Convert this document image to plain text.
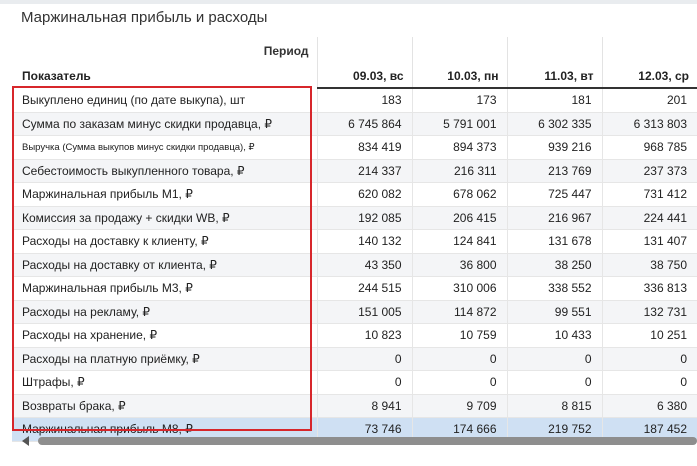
Маржинальная прибыль и расходы
Период				
Показатель	09.03, вс	10.03, пн	11.03, вт	12.03, ср
Выкуплено единиц (по дате выкупа), шт	183	173	181	201
Сумма по заказам минус скидки продавца, ₽	6 745 864	5 791 001	6 302 335	6 313 803
Выручка (Сумма выкупов минус скидки продавца), ₽	834 419	894 373	939 216	968 785
Себестоимость выкупленного товара, ₽	214 337	216 311	213 769	237 373
Маржинальная прибыль М1, ₽	620 082	678 062	725 447	731 412
Комиссия за продажу + скидки WB, ₽	192 085	206 415	216 967	224 441
Расходы на доставку к клиенту, ₽	140 132	124 841	131 678	131 407
Расходы на доставку от клиента, ₽	43 350	36 800	38 250	38 750
Маржинальная прибыль М3, ₽	244 515	310 006	338 552	336 813
Расходы на рекламу, ₽	151 005	114 872	99 551	132 731
Расходы на хранение, ₽	10 823	10 759	10 433	10 251
Расходы на платную приёмку, ₽	0	0	0	0
Штрафы, ₽	0	0	0	0
Возвраты брака, ₽	8 941	9 709	8 815	6 380
Маржинальная прибыль М8, ₽	73 746	174 666	219 752	187 452
